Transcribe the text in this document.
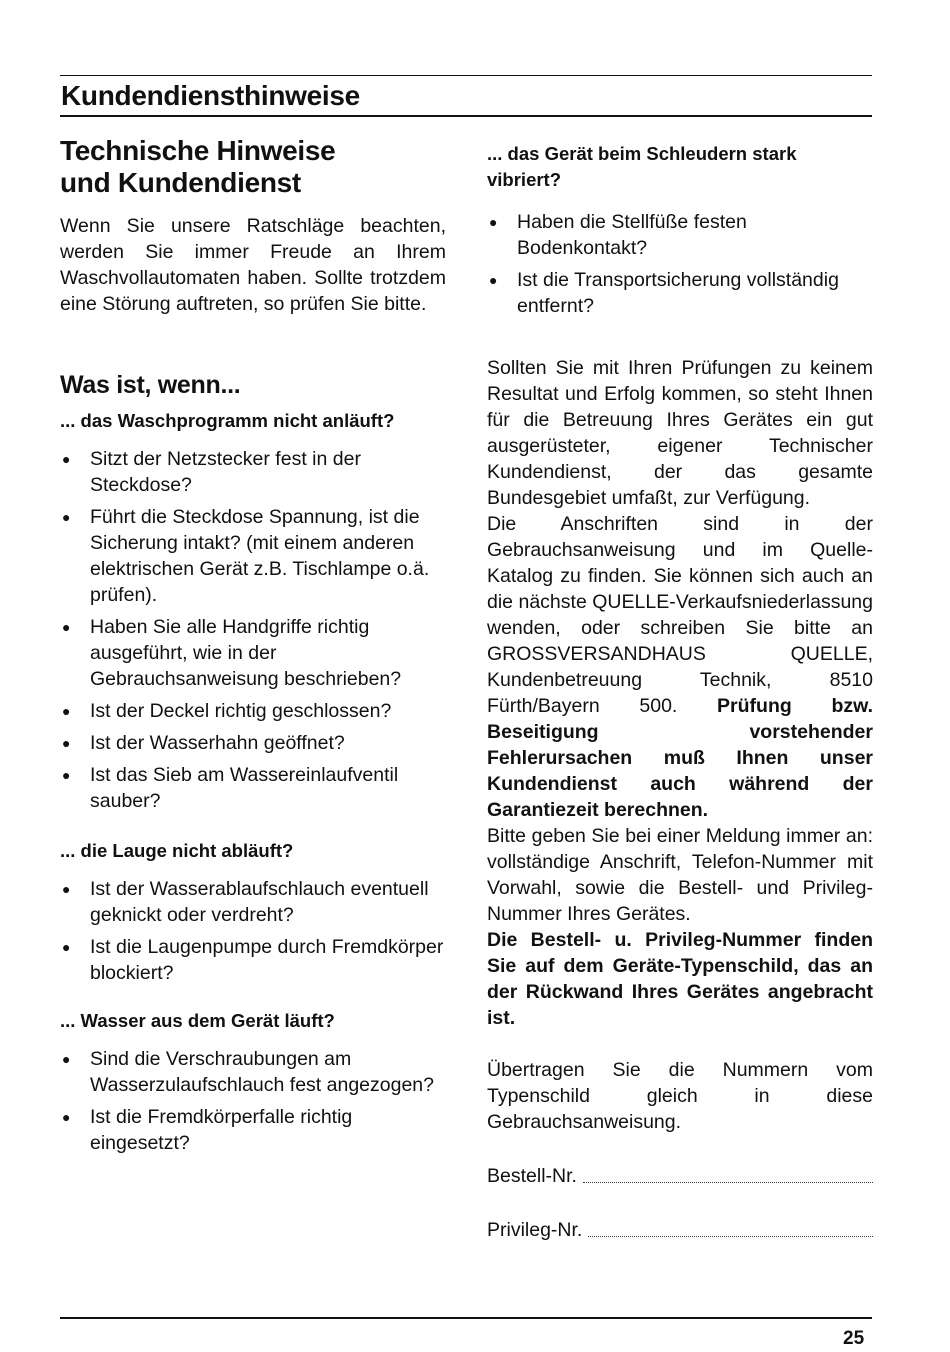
Kundendiensthinweise
Technische Hinweise
und Kundendienst

Wenn Sie unsere Ratschläge beachten, werden Sie immer Freude an Ihrem Waschvollautomaten haben. Sollte trotzdem eine Störung auftreten, so prüfen Sie bitte.

Was ist, wenn...

... das Waschprogramm nicht anläuft?

● Sitzt der Netzstecker fest in der Steckdose?
● Führt die Steckdose Spannung, ist die Sicherung intakt? (mit einem anderen elektrischen Gerät z.B. Tischlampe o.ä. prüfen).
● Haben Sie alle Handgriffe richtig ausgeführt, wie in der Gebrauchsanweisung beschrieben?
● Ist der Deckel richtig geschlossen?
● Ist der Wasserhahn geöffnet?
● Ist das Sieb am Wassereinlaufventil sauber?

... die Lauge nicht abläuft?

● Ist der Wasserablaufschlauch eventuell geknickt oder verdreht?
● Ist die Laugenpumpe durch Fremdkörper blockiert?

... Wasser aus dem Gerät läuft?

● Sind die Verschraubungen am Wasserzulaufschlauch fest angezogen?
● Ist die Fremdkörperfalle richtig eingesetzt?

... das Gerät beim Schleudern stark vibriert?

● Haben die Stellfüße festen Bodenkontakt?
● Ist die Transportsicherung vollständig entfernt?

Sollten Sie mit Ihren Prüfungen zu keinem Resultat und Erfolg kommen, so steht Ihnen für die Betreuung Ihres Gerätes ein gut ausgerüsteter, eigener Technischer Kundendienst, der das gesamte Bundesgebiet umfaßt, zur Verfügung.

Die Anschriften sind in der Gebrauchsanweisung und im Quelle-Katalog zu finden. Sie können sich auch an die nächste QUELLE-Verkaufsniederlassung wenden, oder schreiben Sie bitte an GROSSVERSANDHAUS QUELLE, Kundenbetreuung Technik, 8510 Fürth/Bayern 500. Prüfung bzw. Beseitigung vorstehender Fehlerursachen muß Ihnen unser Kundendienst auch während der Garantiezeit berechnen.

Bitte geben Sie bei einer Meldung immer an: vollständige Anschrift, Telefon-Nummer mit Vorwahl, sowie die Bestell- und Privileg-Nummer Ihres Gerätes.

Die Bestell- u. Privileg-Nummer finden Sie auf dem Geräte-Typenschild, das an der Rückwand Ihres Gerätes angebracht ist.

Übertragen Sie die Nummern vom Typenschild gleich in diese Gebrauchsanweisung.

Bestell-Nr.
Privileg-Nr.
25
